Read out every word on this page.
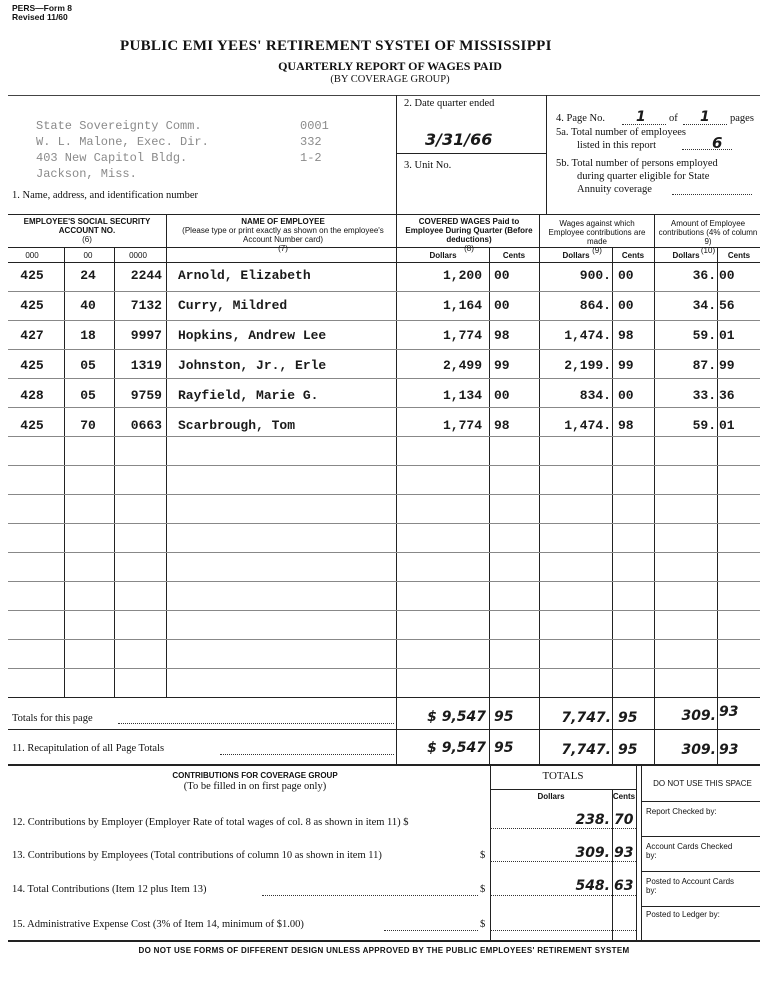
PERS—Form 8
Revised 11/60
PUBLIC EMI YEES' RETIREMENT SYSTEI OF MISSISSIPPI
QUARTERLY REPORT OF WAGES PAID
(BY COVERAGE GROUP)
State Sovereignty Comm.
W. L. Malone, Exec. Dir.
403 New Capitol Bldg.
Jackson, Miss.
0001
332
1-2
1. Name, address, and identification number
2. Date quarter ended
3/31/66
3. Unit No.
4. Page No. 1 of 1 pages
5a. Total number of employees
listed in this report	6
5b. Total number of persons employed
during quarter eligible for State
Annuity coverage
EMPLOYEE'S SOCIAL SECURITY ACCOUNT NO.
(6)
000	00	0000
NAME OF EMPLOYEE
(Please type or print exactly as shown on the employee's Account Number card)
(7)
COVERED WAGES Paid to Employee During Quarter (Before deductions)
(8)
Dollars	Cents
Wages against which Employee contributions are made
(9)
Dollars	Cents
Amount of Employee contributions (4% of column 9)
(10)
Dollars	Cents
425	24	2244 Arnold, Elizabeth	1,200 00	900. 00	36. 00
425	40	7132 Curry, Mildred	1,164 00	864. 00	34. 56
427	18	9997 Hopkins, Andrew Lee	1,774 98	1,474. 98	59. 01
425	05	1319 Johnston, Jr., Erle	2,499 99	2,199. 99	87. 99
428	05	9759 Rayfield, Marie G.	1,134 00	834. 00	33. 36
425	70	0663 Scarbrough, Tom	1,774 98	1,474. 98	59. 01
Totals for this page	$ 9,547 95	7,747. 95	309. 93
11. Recapitulation of all Page Totals	$ 9,547 95	7,747. 95	309. 93
CONTRIBUTIONS FOR COVERAGE GROUP
(To be filled in on first page only)
TOTALS
Dollars	Cents
12. Contributions by Employer (Employer Rate of total wages of col. 8 as shown in item 11) $	238. 70
13. Contributions by Employees (Total contributions of column 10 as shown in item 11)	$	309. 93
14. Total Contributions (Item 12 plus Item 13)	$	548. 63
15. Administrative Expense Cost (3% of Item 14, minimum of $1.00)	$
DO NOT USE THIS SPACE
Report Checked by:
Account Cards Checked by:
Posted to Account Cards by:
Posted to Ledger by:
DO NOT USE FORMS OF DIFFERENT DESIGN UNLESS APPROVED BY THE PUBLIC EMPLOYEES' RETIREMENT SYSTEM
